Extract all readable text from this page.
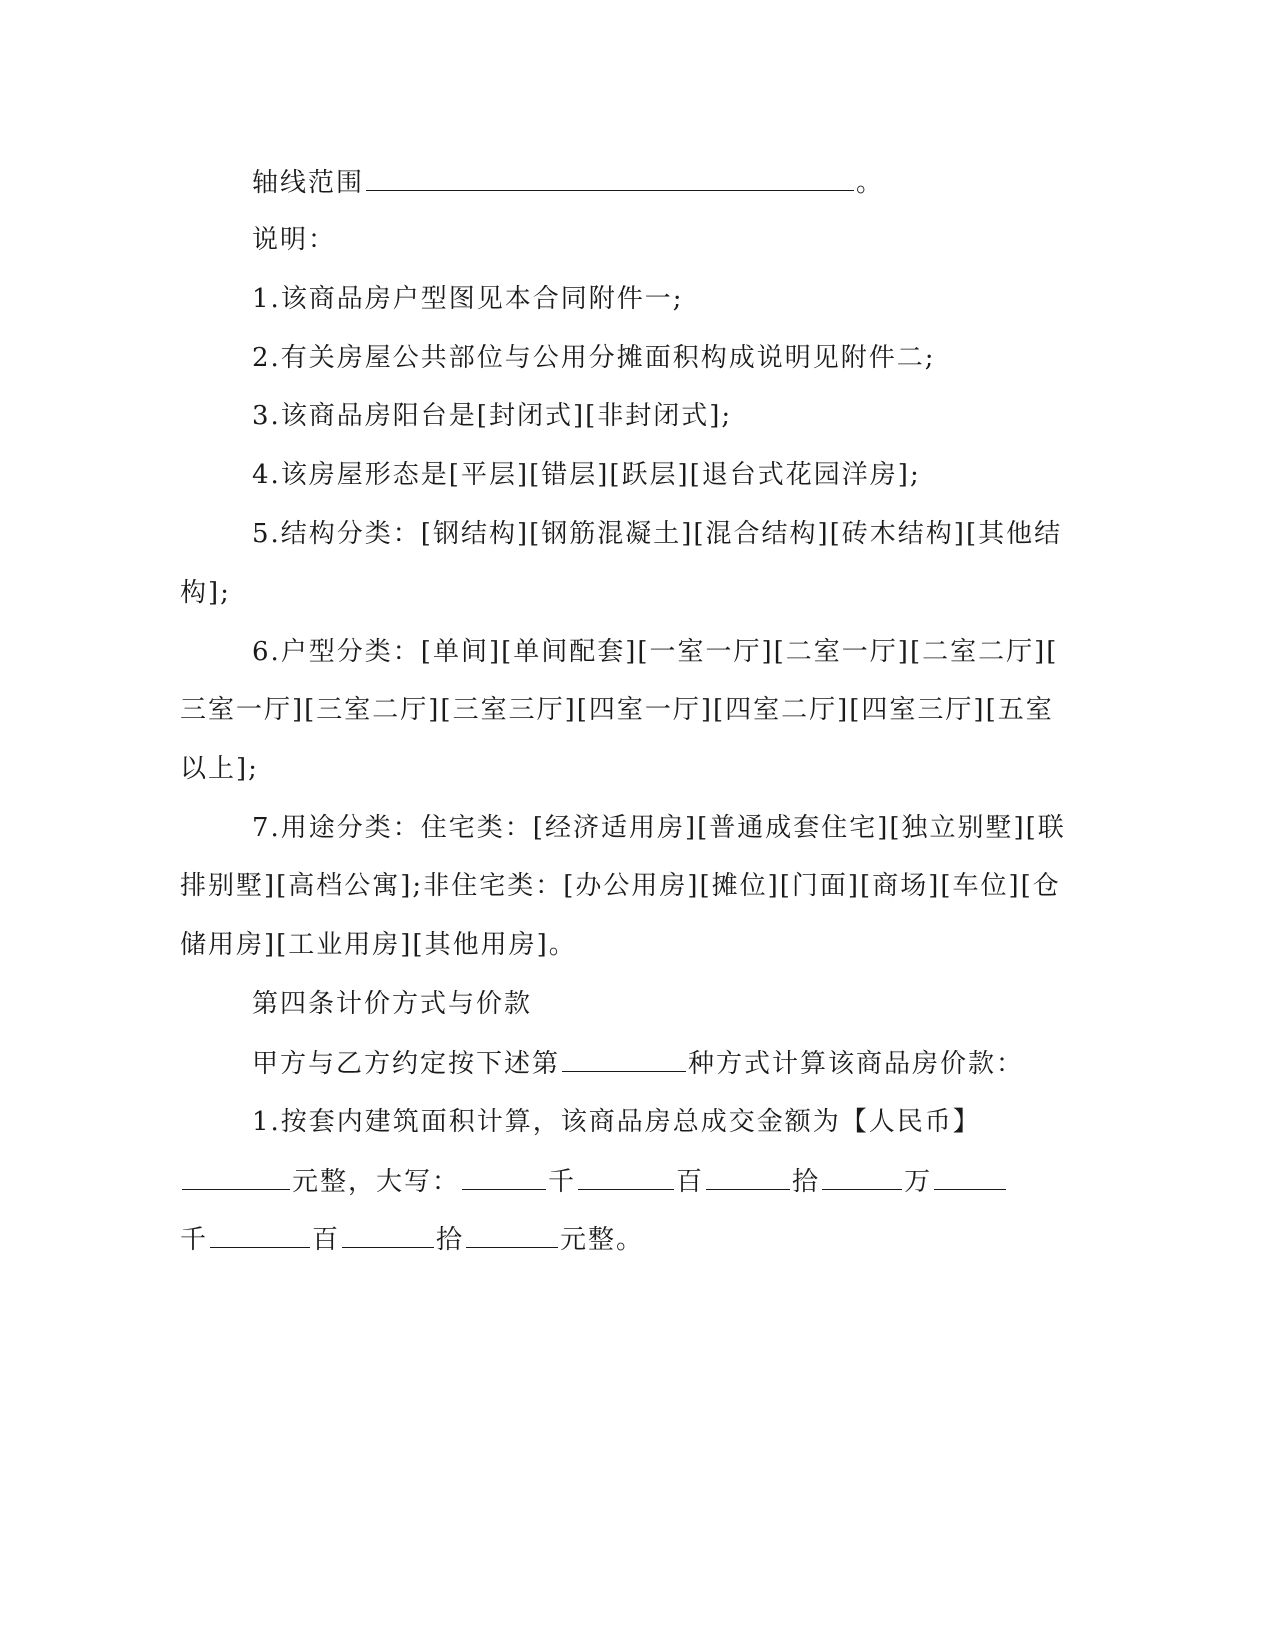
轴线范围	。
说明：
1.该商品房户型图见本合同附件一;
2.有关房屋公共部位与公用分摊面积构成说明见附件二;
3.该商品房阳台是[封闭式][非封闭式];
4.该房屋形态是[平层][错层][跃层][退台式花园洋房];
5.结构分类：[钢结构][钢筋混凝土][混合结构][砖木结构][其他结
构];
6.户型分类：[单间][单间配套][一室一厅][二室一厅][二室二厅][
三室一厅][三室二厅][三室三厅][四室一厅][四室二厅][四室三厅][五室
以上];
7.用途分类：住宅类：[经济适用房][普通成套住宅][独立别墅][联
排别墅][高档公寓];非住宅类：[办公用房][摊位][门面][商场][车位][仓
储用房][工业用房][其他用房]。
第四条计价方式与价款
甲方与乙方约定按下述第	种方式计算该商品房价款：
1.按套内建筑面积计算，该商品房总成交金额为【人民币】
元整，大写：	千	百	拾	万
千	百	拾	元整。
